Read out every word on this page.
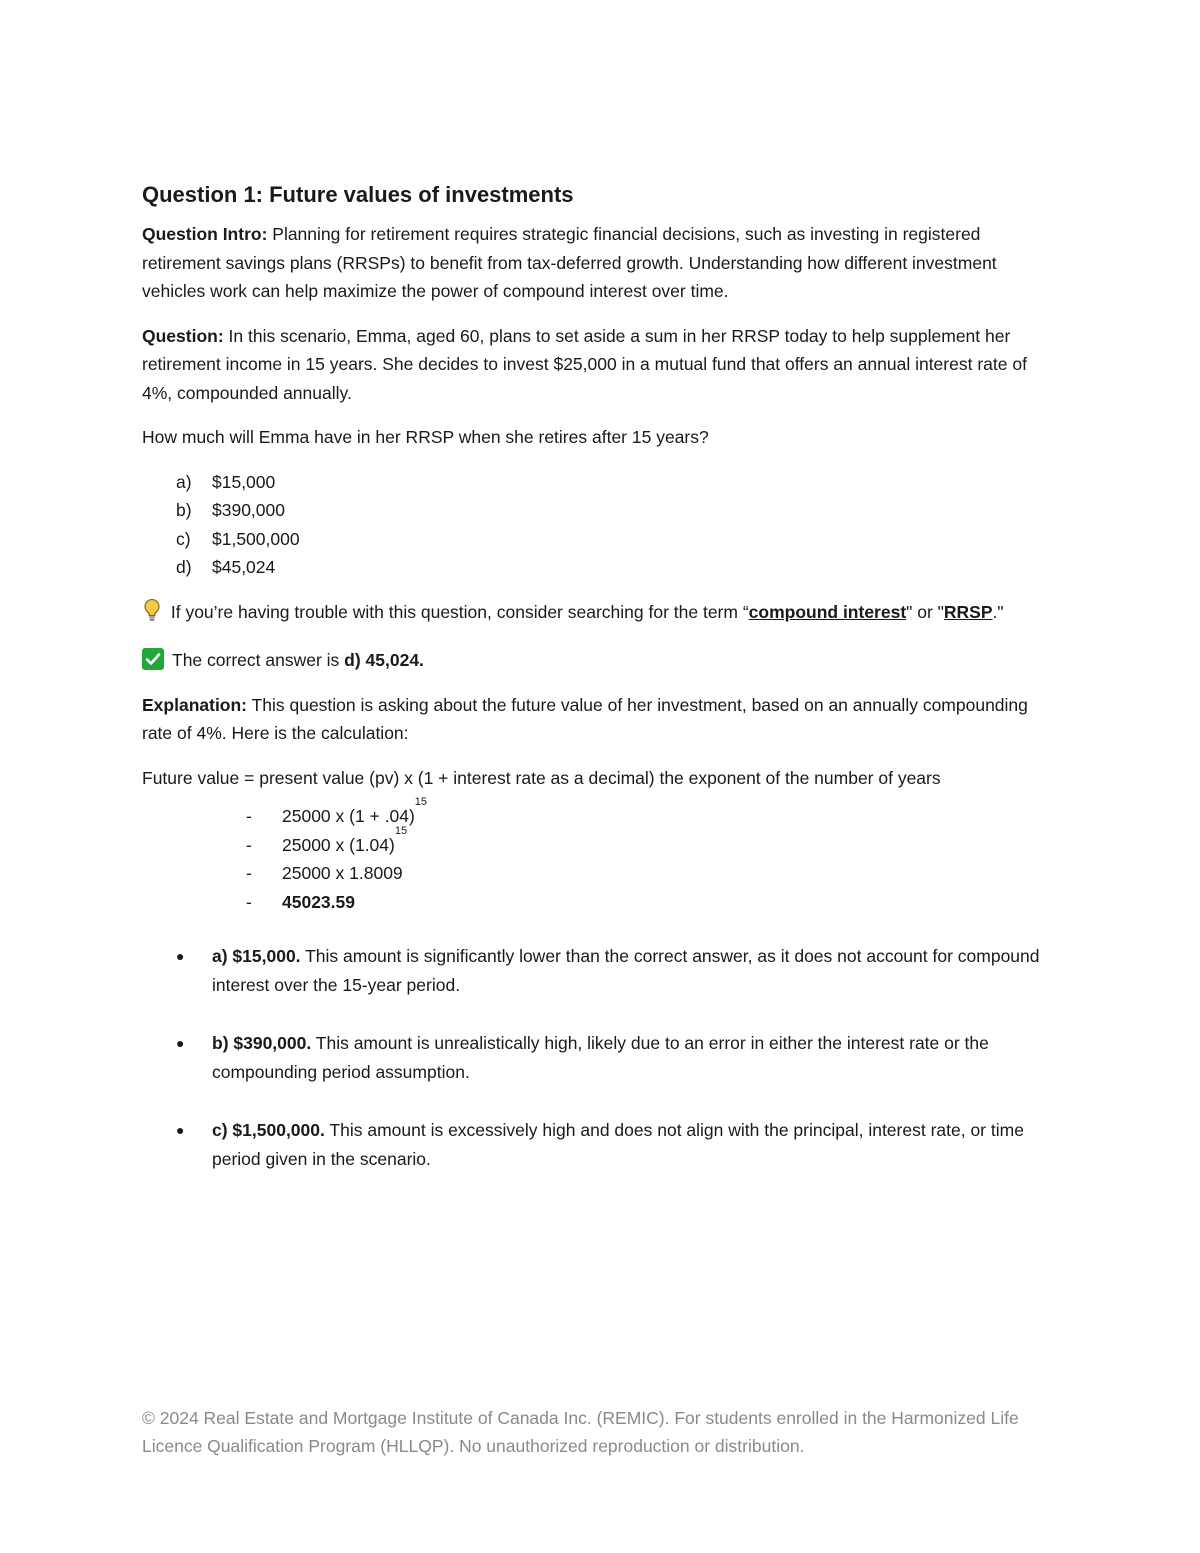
Question 1: Future values of investments

Question Intro: Planning for retirement requires strategic financial decisions, such as investing in registered retirement savings plans (RRSPs) to benefit from tax-deferred growth. Understanding how different investment vehicles work can help maximize the power of compound interest over time.

Question: In this scenario, Emma, aged 60, plans to set aside a sum in her RRSP today to help supplement her retirement income in 15 years. She decides to invest $25,000 in a mutual fund that offers an annual interest rate of 4%, compounded annually.

How much will Emma have in her RRSP when she retires after 15 years?

a)	$15,000
b)	$390,000
c)	$1,500,000
d)	$45,024

If you’re having trouble with this question, consider searching for the term “compound interest" or "RRSP."

The correct answer is d) 45,024.

Explanation: This question is asking about the future value of her investment, based on an annually compounding rate of 4%. Here is the calculation:

Future value = present value (pv) x (1 + interest rate as a decimal) the exponent of the number of years

-	25000 x (1 + .04)
15
-	25000 x (1.04)
15
-	25000 x 1.8009
-	45023.59
●	a) $15,000. This amount is significantly lower than the correct answer, as it does not account for compound interest over the 15-year period.
●	b) $390,000. This amount is unrealistically high, likely due to an error in either the interest rate or the compounding period assumption.
●	c) $1,500,000. This amount is excessively high and does not align with the principal, interest rate, or time period given in the scenario.
© 2024 Real Estate and Mortgage Institute of Canada Inc. (REMIC). For students enrolled in the Harmonized Life Licence Qualification Program (HLLQP). No unauthorized reproduction or distribution.
